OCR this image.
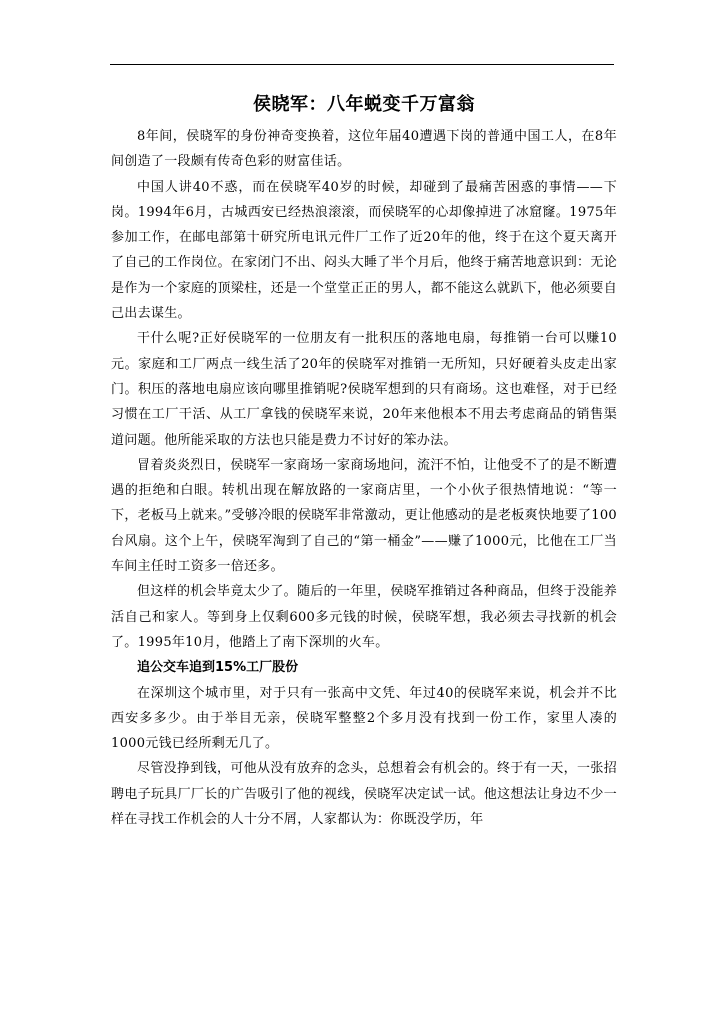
侯晓军：八年蜕变千万富翁

8年间，侯晓军的身份神奇变换着，这位年届40遭遇下岗的普通中国工人，在8年间创造了一段颇有传奇色彩的财富佳话。

中国人讲40不惑，而在侯晓军40岁的时候，却碰到了最痛苦困惑的事情——下岗。1994年6月，古城西安已经热浪滚滚，而侯晓军的心却像掉进了冰窟窿。1975年参加工作，在邮电部第十研究所电讯元件厂工作了近20年的他，终于在这个夏天离开了自己的工作岗位。在家闭门不出、闷头大睡了半个月后，他终于痛苦地意识到：无论是作为一个家庭的顶梁柱，还是一个堂堂正正的男人，都不能这么就趴下，他必须要自己出去谋生。

干什么呢?正好侯晓军的一位朋友有一批积压的落地电扇，每推销一台可以赚10元。家庭和工厂两点一线生活了20年的侯晓军对推销一无所知，只好硬着头皮走出家门。积压的落地电扇应该向哪里推销呢?侯晓军想到的只有商场。这也难怪，对于已经习惯在工厂干活、从工厂拿钱的侯晓军来说，20年来他根本不用去考虑商品的销售渠道问题。他所能采取的方法也只能是费力不讨好的笨办法。

冒着炎炎烈日，侯晓军一家商场一家商场地问，流汗不怕，让他受不了的是不断遭遇的拒绝和白眼。转机出现在解放路的一家商店里，一个小伙子很热情地说：“等一下，老板马上就来。”受够冷眼的侯晓军非常激动，更让他感动的是老板爽快地要了100台风扇。这个上午，侯晓军淘到了自己的“第一桶金”——赚了1000元，比他在工厂当车间主任时工资多一倍还多。

但这样的机会毕竟太少了。随后的一年里，侯晓军推销过各种商品，但终于没能养活自己和家人。等到身上仅剩600多元钱的时候，侯晓军想，我必须去寻找新的机会了。1995年10月，他踏上了南下深圳的火车。

追公交车追到15%工厂股份

在深圳这个城市里，对于只有一张高中文凭、年过40的侯晓军来说，机会并不比西安多多少。由于举目无亲，侯晓军整整2个多月没有找到一份工作，家里人凑的1000元钱已经所剩无几了。

尽管没挣到钱，可他从没有放弃的念头，总想着会有机会的。终于有一天，一张招聘电子玩具厂厂长的广告吸引了他的视线，侯晓军决定试一试。他这想法让身边不少一样在寻找工作机会的人十分不屑，人家都认为：你既没学历，年
